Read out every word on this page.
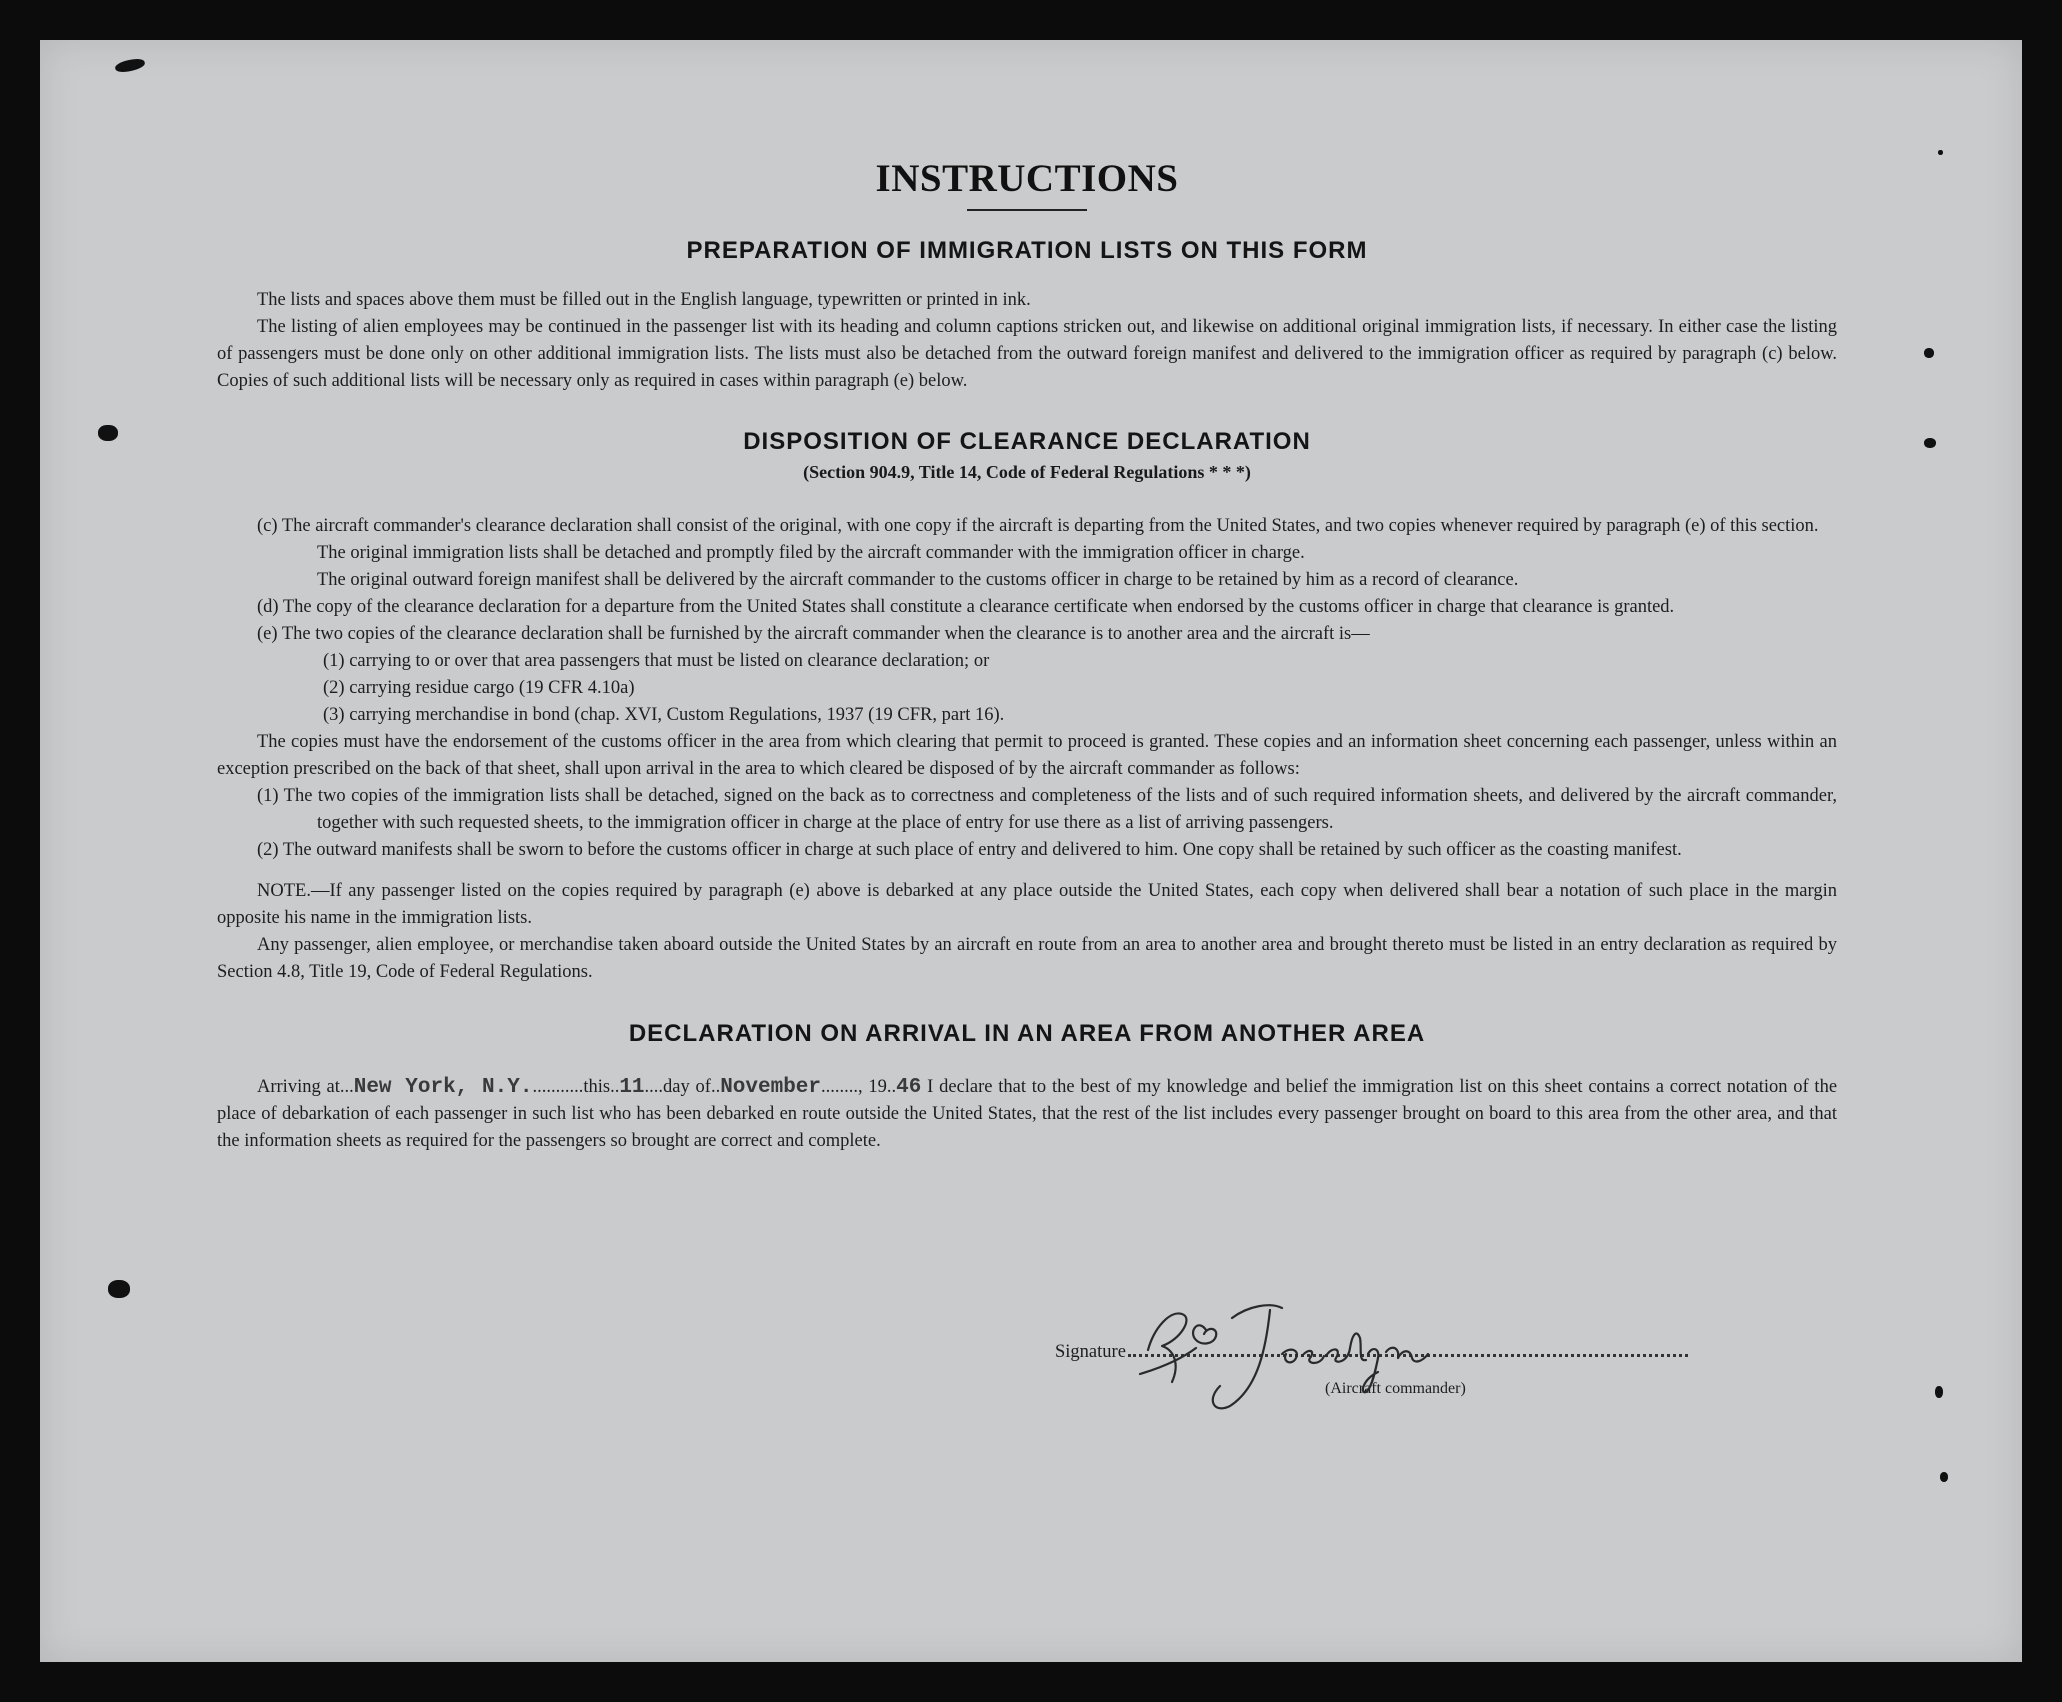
INSTRUCTIONS
PREPARATION OF IMMIGRATION LISTS ON THIS FORM

The lists and spaces above them must be filled out in the English language, typewritten or printed in ink.

The listing of alien employees may be continued in the passenger list with its heading and column captions stricken out, and likewise on additional original immigration lists, if necessary. In either case the listing of passengers must be done only on other additional immigration lists. The lists must also be detached from the outward foreign manifest and delivered to the immigration officer as required by paragraph (c) below. Copies of such additional lists will be necessary only as required in cases within paragraph (e) below.

DISPOSITION OF CLEARANCE DECLARATION
(Section 904.9, Title 14, Code of Federal Regulations * * *)

(c) The aircraft commander's clearance declaration shall consist of the original, with one copy if the aircraft is departing from the United States, and two copies whenever required by paragraph (e) of this section.

The original immigration lists shall be detached and promptly filed by the aircraft commander with the immigration officer in charge.

The original outward foreign manifest shall be delivered by the aircraft commander to the customs officer in charge to be retained by him as a record of clearance.

(d) The copy of the clearance declaration for a departure from the United States shall constitute a clearance certificate when endorsed by the customs officer in charge that clearance is granted.

(e) The two copies of the clearance declaration shall be furnished by the aircraft commander when the clearance is to another area and the aircraft is—

(1) carrying to or over that area passengers that must be listed on clearance declaration; or

(2) carrying residue cargo (19 CFR 4.10a)

(3) carrying merchandise in bond (chap. XVI, Custom Regulations, 1937 (19 CFR, part 16).

The copies must have the endorsement of the customs officer in the area from which clearing that permit to proceed is granted. These copies and an information sheet concerning each passenger, unless within an exception prescribed on the back of that sheet, shall upon arrival in the area to which cleared be disposed of by the aircraft commander as follows:

(1) The two copies of the immigration lists shall be detached, signed on the back as to correctness and completeness of the lists and of such required information sheets, and delivered by the aircraft commander, together with such requested sheets, to the immigration officer in charge at the place of entry for use there as a list of arriving passengers.

(2) The outward manifests shall be sworn to before the customs officer in charge at such place of entry and delivered to him. One copy shall be retained by such officer as the coasting manifest.

NOTE.—If any passenger listed on the copies required by paragraph (e) above is debarked at any place outside the United States, each copy when delivered shall bear a notation of such place in the margin opposite his name in the immigration lists.

Any passenger, alien employee, or merchandise taken aboard outside the United States by an aircraft en route from an area to another area and brought thereto must be listed in an entry declaration as required by Section 4.8, Title 19, Code of Federal Regulations.

DECLARATION ON ARRIVAL IN AN AREA FROM ANOTHER AREA

Arriving at...New York, N.Y............this..11....day of..November........, 19..46 I declare that to the best of my knowledge and belief the immigration list on this sheet contains a correct notation of the place of debarkation of each passenger in such list who has been debarked en route outside the United States, that the rest of the list includes every passenger brought on board to this area from the other area, and that the information sheets as required for the passengers so brought are correct and complete.

Signature
(Aircraft commander)
